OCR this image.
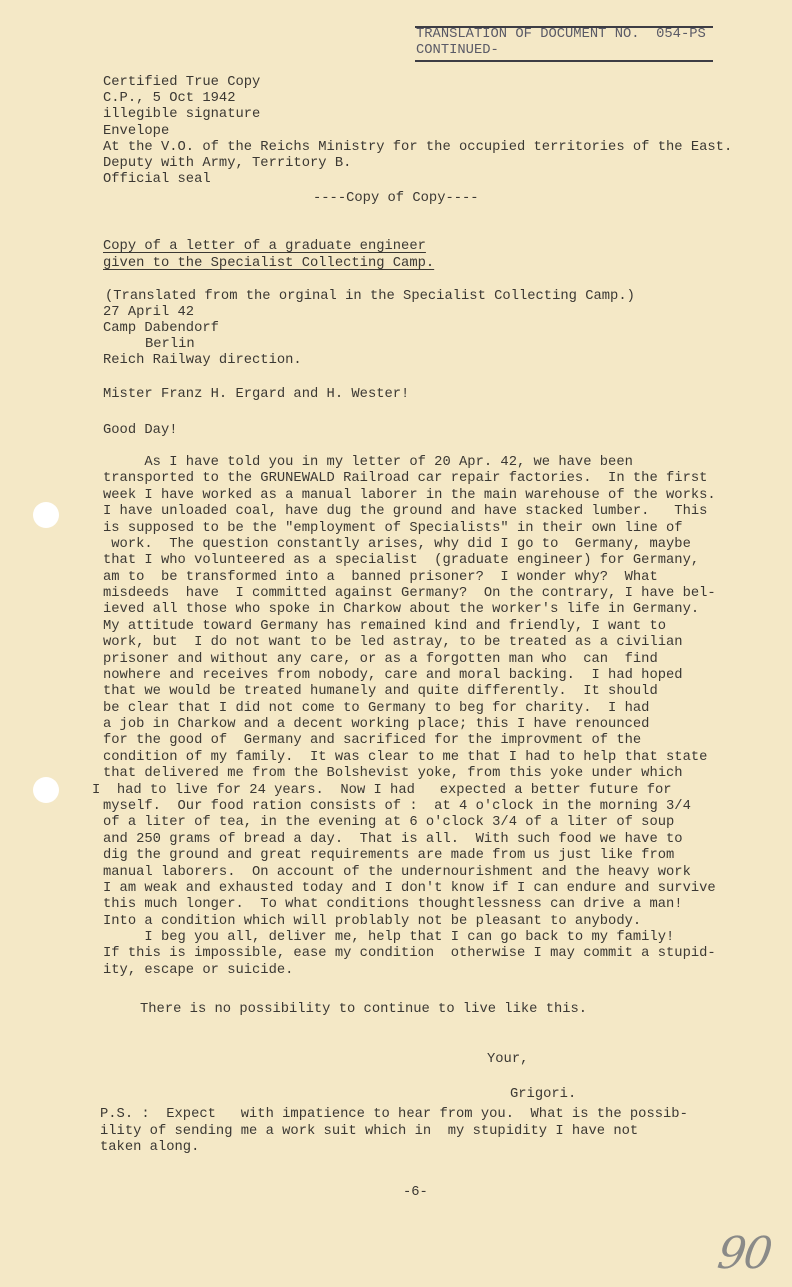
TRANSLATION OF DOCUMENT NO.  054-PS
CONTINUED-
Certified True Copy
C.P., 5 Oct 1942
illegible signature
Envelope
At the V.O. of the Reichs Ministry for the occupied territories of the East.
Deputy with Army, Territory B.
Official seal
----Copy of Copy----
Copy of a letter of a graduate engineer
given to the Specialist Collecting Camp.
(Translated from the orginal in the Specialist Collecting Camp.)
27 April 42
Camp Dabendorf
Berlin
Reich Railway direction.
Mister Franz H. Ergard and H. Wester!
Good Day!
As I have told you in my letter of 20 Apr. 42, we have been
transported to the GRUNEWALD Railroad car repair factories.  In the first
week I have worked as a manual laborer in the main warehouse of the works.
I have unloaded coal, have dug the ground and have stacked lumber.   This
is supposed to be the "employment of Specialists" in their own line of
work.  The question constantly arises, why did I go to  Germany, maybe
that I who volunteered as a specialist  (graduate engineer) for Germany,
am to  be transformed into a  banned prisoner?  I wonder why?  What
misdeeds  have  I committed against Germany?  On the contrary, I have bel-
ieved all those who spoke in Charkow about the worker's life in Germany.
My attitude toward Germany has remained kind and friendly, I want to
work, but  I do not want to be led astray, to be treated as a civilian
prisoner and without any care, or as a forgotten man who  can  find
nowhere and receives from nobody, care and moral backing.  I had hoped
that we would be treated humanely and quite differently.  It should
be clear that I did not come to Germany to beg for charity.  I had
a job in Charkow and a decent working place; this I have renounced
for the good of  Germany and sacrificed for the improvment of the
condition of my family.  It was clear to me that I had to help that state
that delivered me from the Bolshevist yoke, from this yoke under which
I  had to live for 24 years.  Now I had   expected a better future for
myself.  Our food ration consists of :  at 4 o'clock in the morning 3/4
of a liter of tea, in the evening at 6 o'clock 3/4 of a liter of soup
and 250 grams of bread a day.  That is all.  With such food we have to
dig the ground and great requirements are made from us just like from
manual laborers.  On account of the undernourishment and the heavy work
I am weak and exhausted today and I don't know if I can endure and survive
this much longer.  To what conditions thoughtlessness can drive a man!
Into a condition which will problably not be pleasant to anybody.
I beg you all, deliver me, help that I can go back to my family!
If this is impossible, ease my condition  otherwise I may commit a stupid-
ity, escape or suicide.
There is no possibility to continue to live like this.
Your,
Grigori.
P.S. :  Expect   with impatience to hear from you.  What is the possib-
ility of sending me a work suit which in  my stupidity I have not
taken along.
-6-
90
